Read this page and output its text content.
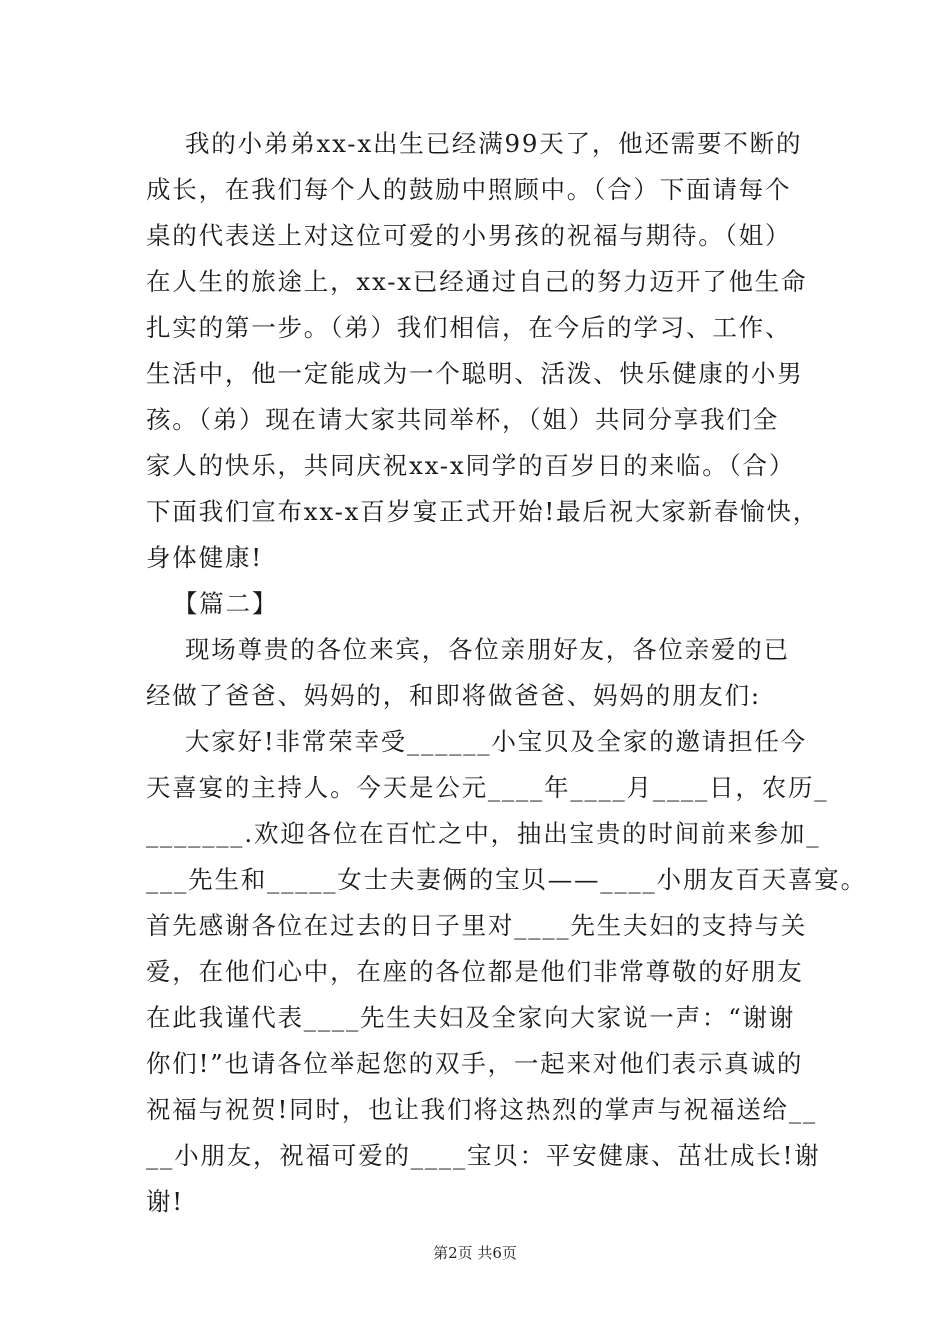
我的小弟弟xx-x出生已经满99天了，他还需要不断的
成长，在我们每个人的鼓励中照顾中。（合）下面请每个
桌的代表送上对这位可爱的小男孩的祝福与期待。（姐）
在人生的旅途上，xx-x已经通过自己的努力迈开了他生命
扎实的第一步。（弟）我们相信，在今后的学习、工作、
生活中，他一定能成为一个聪明、活泼、快乐健康的小男
孩。（弟）现在请大家共同举杯，（姐）共同分享我们全
家人的快乐，共同庆祝xx-x同学的百岁日的来临。（合）
下面我们宣布xx-x百岁宴正式开始!最后祝大家新春愉快，
身体健康!
【篇二】
现场尊贵的各位来宾，各位亲朋好友，各位亲爱的已
经做了爸爸、妈妈的，和即将做爸爸、妈妈的朋友们:
大家好!非常荣幸受______小宝贝及全家的邀请担任今
天喜宴的主持人。今天是公元____年____月____日，农历_
_______.欢迎各位在百忙之中，抽出宝贵的时间前来参加_
___先生和_____女士夫妻俩的宝贝——____小朋友百天喜宴。
首先感谢各位在过去的日子里对____先生夫妇的支持与关
爱，在他们心中，在座的各位都是他们非常尊敬的好朋友
在此我谨代表____先生夫妇及全家向大家说一声：“谢谢
你们!”也请各位举起您的双手，一起来对他们表示真诚的
祝福与祝贺!同时，也让我们将这热烈的掌声与祝福送给__
__小朋友，祝福可爱的____宝贝：平安健康、茁壮成长!谢
谢!
第2页 共6页
